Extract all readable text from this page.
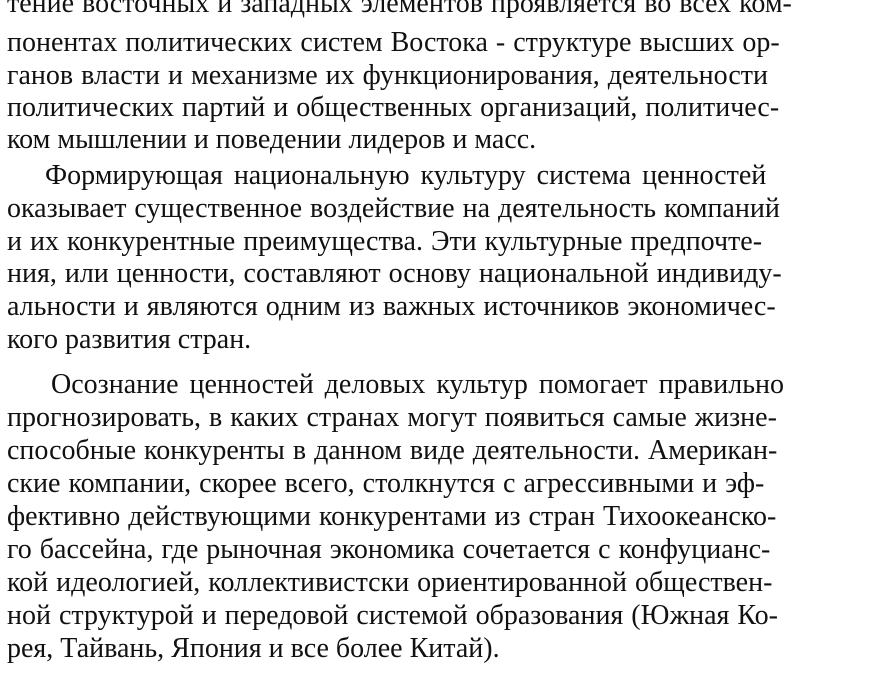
тение восточных и западных элементов проявляется во всех ком-
понентах политических систем Востока - структуре высших ор-
ганов власти и механизме их функционирования, деятельности
политических партий и общественных организаций, политичес-
ком мышлении и поведении лидеров и масс.
Формирующая национальную культуру система ценностей
оказывает существенное воздействие на деятельность компаний
и их конкурентные преимущества. Эти культурные предпочте-
ния, или ценности, составляют основу национальной индивиду-
альности и являются одним из важных источников экономичес-
кого развития стран.
Осознание ценностей деловых культур помогает правильно
прогнозировать, в каких странах могут появиться самые жизне-
способные конкуренты в данном виде деятельности. Американ-
ские компании, скорее всего, столкнутся с агрессивными и эф-
фективно действующими конкурентами из стран Тихоокеанско-
го бассейна, где рыночная экономика сочетается с конфуцианс-
кой идеологией, коллективистски ориентированной обществен-
ной структурой и передовой системой образования (Южная Ко-
рея, Тайвань, Япония и все более Китай).
